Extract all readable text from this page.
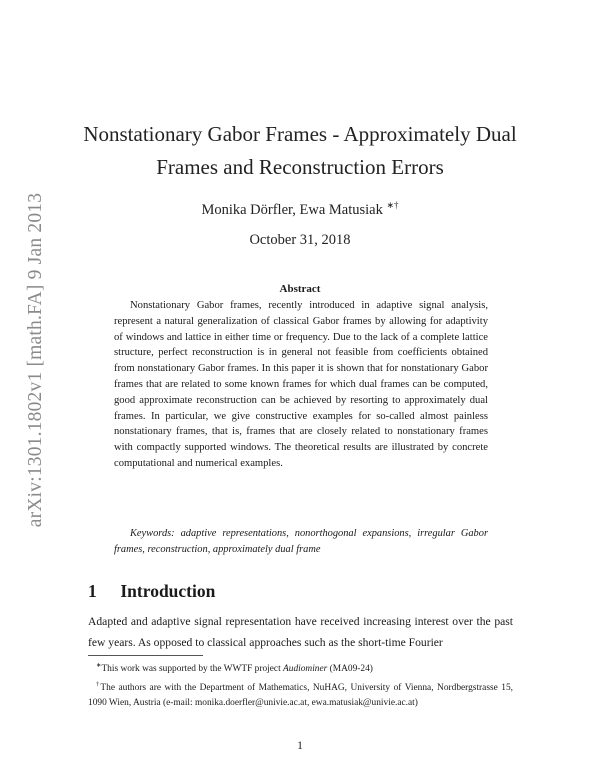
arXiv:1301.1802v1 [math.FA] 9 Jan 2013
Nonstationary Gabor Frames - Approximately Dual
Frames and Reconstruction Errors
Monika Dörfler, Ewa Matusiak ∗†
October 31, 2018
Abstract

Nonstationary Gabor frames, recently introduced in adaptive signal analysis, represent a natural generalization of classical Gabor frames by allowing for adaptivity of windows and lattice in either time or frequency. Due to the lack of a complete lattice structure, perfect reconstruction is in general not feasible from coefficients obtained from nonstationary Gabor frames. In this paper it is shown that for nonstationary Gabor frames that are related to some known frames for which dual frames can be computed, good approximate reconstruction can be achieved by resorting to approximately dual frames. In particular, we give constructive examples for so-called almost painless nonstationary frames, that is, frames that are closely related to nonstationary frames with compactly supported windows. The theoretical results are illustrated by concrete computational and numerical examples.

Keywords: adaptive representations, nonorthogonal expansions, irregular Gabor frames, reconstruction, approximately dual frame

1 Introduction

Adapted and adaptive signal representation have received increasing interest over the past few years. As opposed to classical approaches such as the short-time Fourier

∗This work was supported by the WWTF project Audiominer (MA09-24)

†The authors are with the Department of Mathematics, NuHAG, University of Vienna, Nordbergstrasse 15, 1090 Wien, Austria (e-mail: monika.doerfler@univie.ac.at, ewa.matusiak@univie.ac.at)

1
